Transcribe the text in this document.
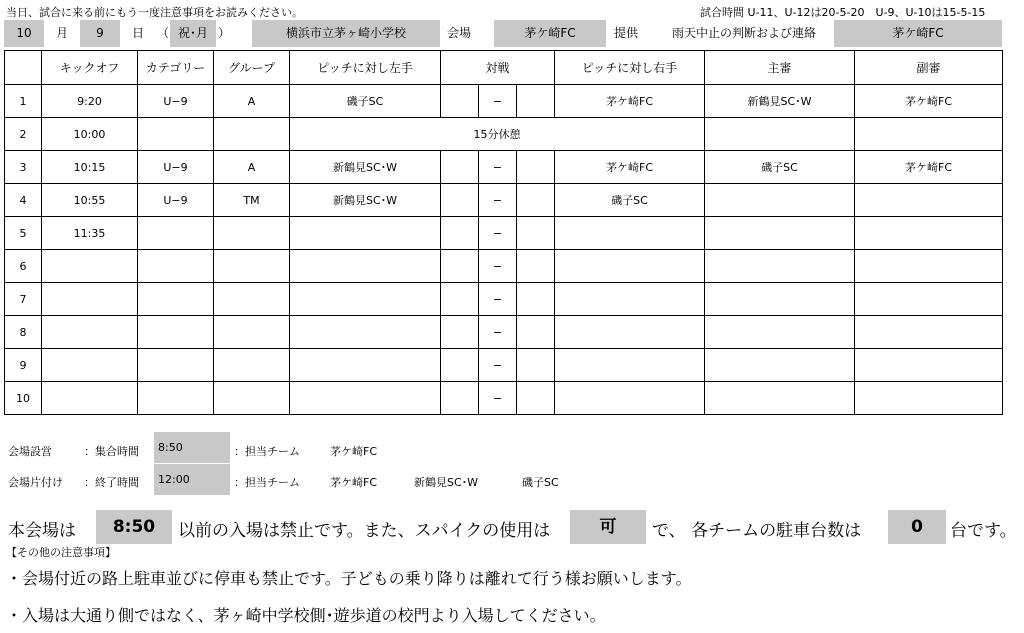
当日、試合に来る前にもう一度注意事項をお読みください。	試合時間 U-11、U-12は20-5-20　U-9、U-10は15-5-15
10	月	9	日 （ 祝･月 ）	横浜市立茅ヶ崎小学校	会場	茅ケ崎FC	提供	雨天中止の判断および連絡	茅ケ崎FC
	キックオフ	カテゴリー	グループ	ピッチに対し左手	対戦			ピッチに対し右手	主審	副審
1	9:20	U−9	A	磯子SC		−		茅ケ崎FC	新鶴見SC･W	茅ケ崎FC
2	10:00			15分休憩						
3	10:15	U−9	A	新鶴見SC･W		−		茅ケ崎FC	磯子SC	茅ケ崎FC
4	10:55	U−9	TM	新鶴見SC･W		−		磯子SC		
5	11:35					−				
6						−				
7						−				
8						−				
9						−				
10						−				
会場設営	：集合時間	8:50	：担当チーム	茅ケ崎FC
会場片付け ：終了時間	12:00	：担当チーム	茅ケ崎FC	新鶴見SC･W	磯子SC
本会場は	8:50	以前の入場は禁止です。また、スパイクの使用は	可	で、 各チームの駐車台数は	0	台です。
【その他の注意事項】
・会場付近の路上駐車並びに停車も禁止です。子どもの乗り降りは離れて行う様お願いします。
・入場は大通り側ではなく、茅ヶ崎中学校側･遊歩道の校門より入場してください。
